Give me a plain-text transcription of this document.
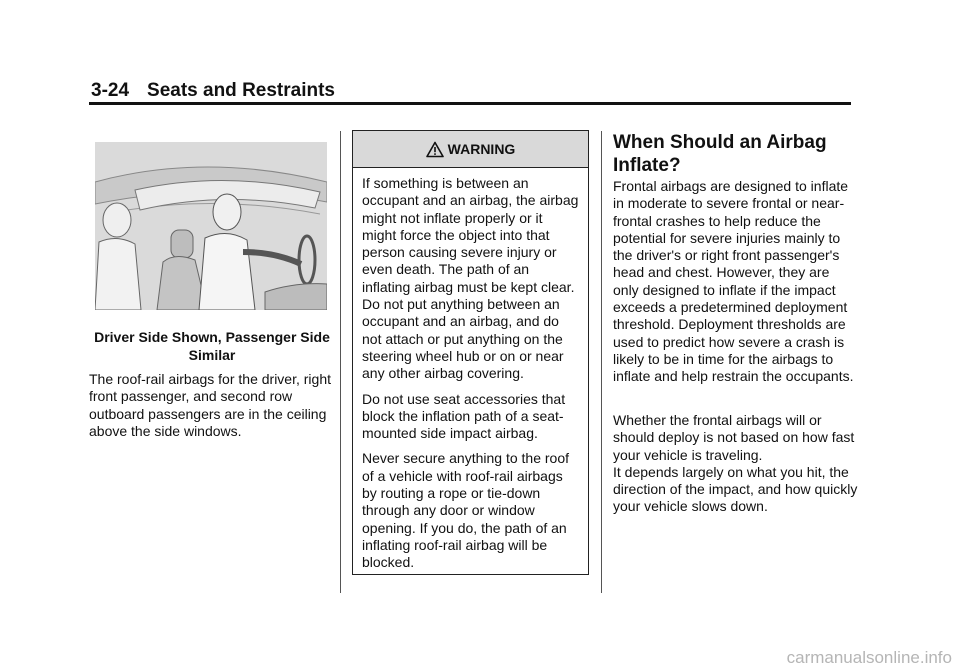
3-24 Seats and Restraints
Driver Side Shown, Passenger Side Similar

The roof-rail airbags for the driver, right front passenger, and second row outboard passengers are in the ceiling above the side windows.

WARNING

If something is between an occupant and an airbag, the airbag might not inflate properly or it might force the object into that person causing severe injury or even death. The path of an inflating airbag must be kept clear. Do not put anything between an occupant and an airbag, and do not attach or put anything on the steering wheel hub or on or near any other airbag covering.

Do not use seat accessories that block the inflation path of a seat-mounted side impact airbag.

Never secure anything to the roof of a vehicle with roof-rail airbags by routing a rope or tie-down through any door or window opening. If you do, the path of an inflating roof-rail airbag will be blocked.

When Should an Airbag Inflate?

Frontal airbags are designed to inflate in moderate to severe frontal or near-frontal crashes to help reduce the potential for severe injuries mainly to the driver's or right front passenger's head and chest. However, they are only designed to inflate if the impact exceeds a predetermined deployment threshold. Deployment thresholds are used to predict how severe a crash is likely to be in time for the airbags to inflate and help restrain the occupants.

Whether the frontal airbags will or should deploy is not based on how fast your vehicle is traveling.
It depends largely on what you hit, the direction of the impact, and how quickly your vehicle slows down.

carmanualsonline.info
